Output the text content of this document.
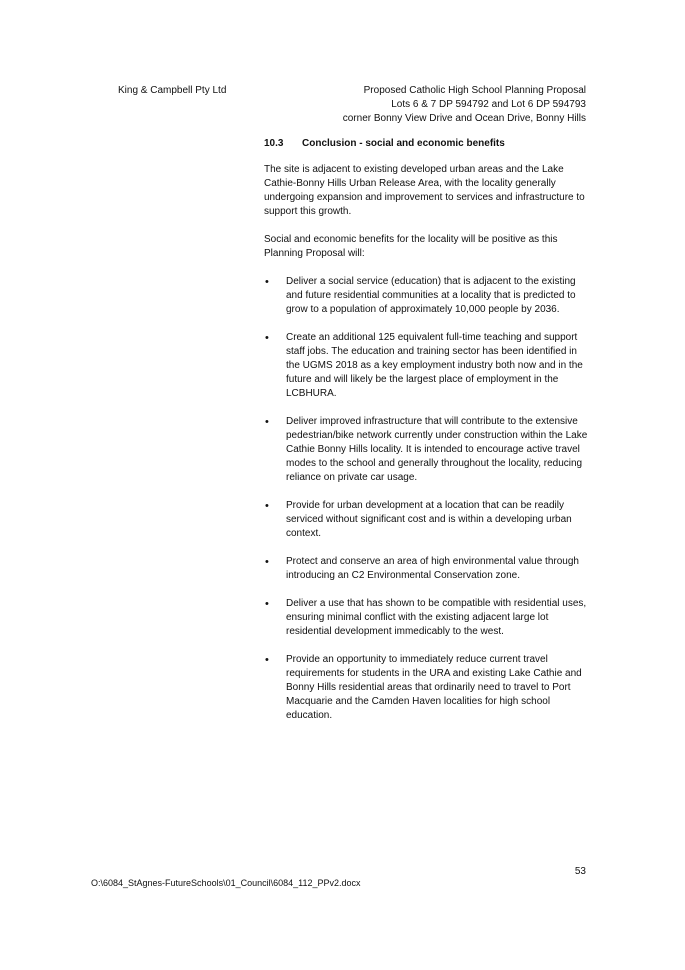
King & Campbell Pty Ltd	Proposed Catholic High School Planning Proposal
Lots 6 & 7 DP 594792 and Lot 6 DP 594793
corner Bonny View Drive and Ocean Drive, Bonny Hills
10.3 Conclusion - social and economic benefits

The site is adjacent to existing developed urban areas and the Lake Cathie-Bonny Hills Urban Release Area, with the locality generally undergoing expansion and improvement to services and infrastructure to support this growth.

Social and economic benefits for the locality will be positive as this Planning Proposal will:

• Deliver a social service (education) that is adjacent to the existing and future residential communities at a locality that is predicted to grow to a population of approximately 10,000 people by 2036.
• Create an additional 125 equivalent full-time teaching and support staff jobs. The education and training sector has been identified in the UGMS 2018 as a key employment industry both now and in the future and will likely be the largest place of employment in the LCBHURA.
• Deliver improved infrastructure that will contribute to the extensive pedestrian/bike network currently under construction within the Lake Cathie Bonny Hills locality. It is intended to encourage active travel modes to the school and generally throughout the locality, reducing reliance on private car usage.
• Provide for urban development at a location that can be readily serviced without significant cost and is within a developing urban context.
• Protect and conserve an area of high environmental value through introducing an C2 Environmental Conservation zone.
• Deliver a use that has shown to be compatible with residential uses, ensuring minimal conflict with the existing adjacent large lot residential development immedicably to the west.
• Provide an opportunity to immediately reduce current travel requirements for students in the URA and existing Lake Cathie and Bonny Hills residential areas that ordinarily need to travel to Port Macquarie and the Camden Haven localities for high school education.
53
O:\6084_StAgnes-FutureSchools\01_Council\6084_112_PPv2.docx
